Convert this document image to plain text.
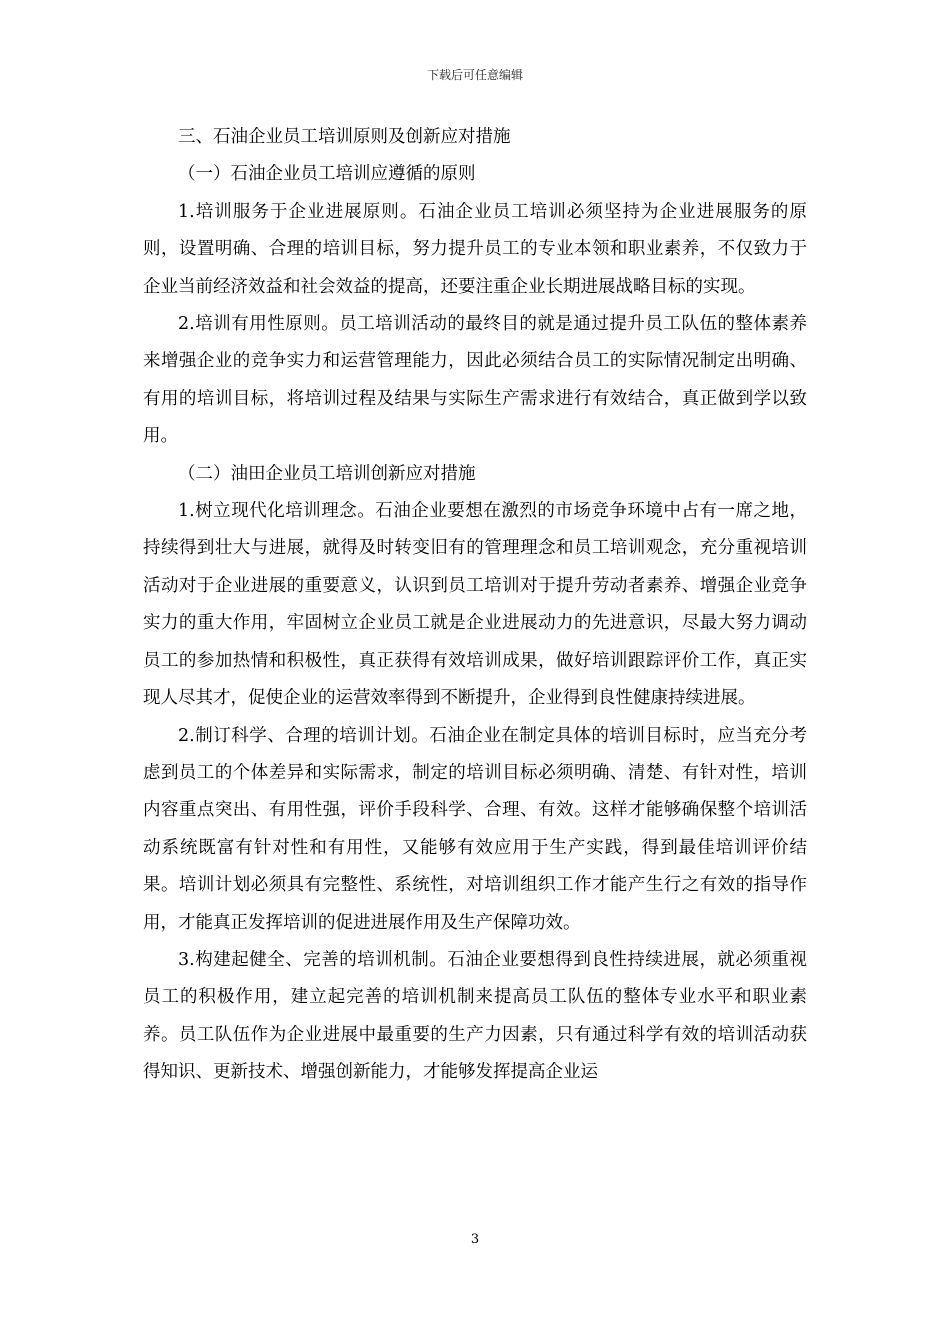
下载后可任意编辑

三、石油企业员工培训原则及创新应对措施

（一）石油企业员工培训应遵循的原则

1.培训服务于企业进展原则。石油企业员工培训必须坚持为企业进展服务的原则，设置明确、合理的培训目标，努力提升员工的专业本领和职业素养，不仅致力于企业当前经济效益和社会效益的提高，还要注重企业长期进展战略目标的实现。

2.培训有用性原则。员工培训活动的最终目的就是通过提升员工队伍的整体素养来增强企业的竞争实力和运营管理能力，因此必须结合员工的实际情况制定出明确、有用的培训目标，将培训过程及结果与实际生产需求进行有效结合，真正做到学以致用。

（二）油田企业员工培训创新应对措施

1.树立现代化培训理念。石油企业要想在激烈的市场竞争环境中占有一席之地，持续得到壮大与进展，就得及时转变旧有的管理理念和员工培训观念，充分重视培训活动对于企业进展的重要意义，认识到员工培训对于提升劳动者素养、增强企业竞争实力的重大作用，牢固树立企业员工就是企业进展动力的先进意识，尽最大努力调动员工的参加热情和积极性，真正获得有效培训成果，做好培训跟踪评价工作，真正实现人尽其才，促使企业的运营效率得到不断提升，企业得到良性健康持续进展。

2.制订科学、合理的培训计划。石油企业在制定具体的培训目标时，应当充分考虑到员工的个体差异和实际需求，制定的培训目标必须明确、清楚、有针对性，培训内容重点突出、有用性强，评价手段科学、合理、有效。这样才能够确保整个培训活动系统既富有针对性和有用性，又能够有效应用于生产实践，得到最佳培训评价结果。培训计划必须具有完整性、系统性，对培训组织工作才能产生行之有效的指导作用，才能真正发挥培训的促进进展作用及生产保障功效。

3.构建起健全、完善的培训机制。石油企业要想得到良性持续进展，就必须重视员工的积极作用，建立起完善的培训机制来提高员工队伍的整体专业水平和职业素养。员工队伍作为企业进展中最重要的生产力因素，只有通过科学有效的培训活动获得知识、更新技术、增强创新能力，才能够发挥提高企业运

3
